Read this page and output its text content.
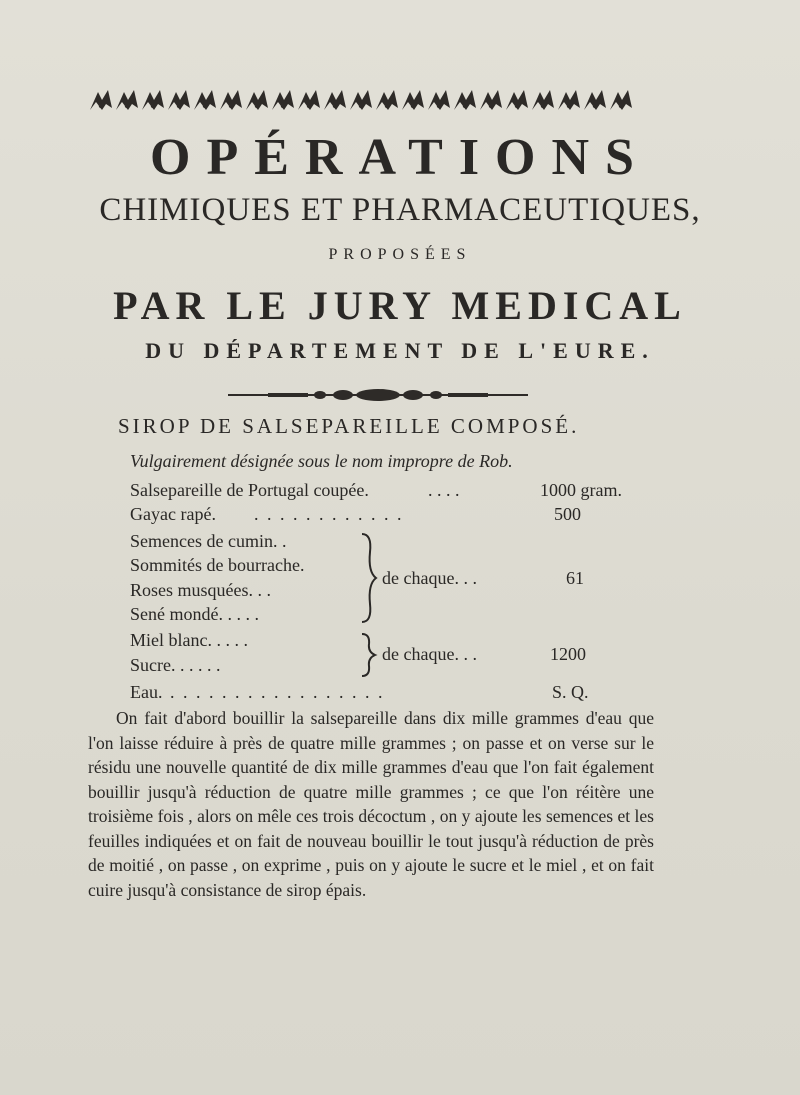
OPÉRATIONS
CHIMIQUES ET PHARMACEUTIQUES,
PROPOSÉES
PAR LE JURY MEDICAL
DU DÉPARTEMENT DE L'EURE.
SIROP DE SALSEPAREILLE COMPOSÉ.
Vulgairement désignée sous le nom impropre de Rob.
Salsepareille de Portugal coupée.	. . . .	1000 gram.
Gayac rapé. . . . . . . . . . . . .	500
Semences de cumin. .
Sommités de bourrache.
Roses musquées. . .
Sené mondé. . . . .
de chaque. . .	61
Miel blanc. . . . .
Sucre. . . . . .
de chaque. . .	1200
Eau. . . . . . . . . . . . . . . . . .	S. Q.

On fait d'abord bouillir la salsepareille dans dix mille grammes d'eau que l'on laisse réduire à près de quatre mille grammes ; on passe et on verse sur le résidu une nouvelle quantité de dix mille grammes d'eau que l'on fait également bouillir jusqu'à réduction de quatre mille grammes ; ce que l'on réitère une troisième fois , alors on mêle ces trois décoctum , on y ajoute les semences et les feuilles indiquées et on fait de nouveau bouillir le tout jusqu'à réduction de près de moitié , on passe , on exprime , puis on y ajoute le sucre et le miel , et on fait cuire jusqu'à consistance de sirop épais.
